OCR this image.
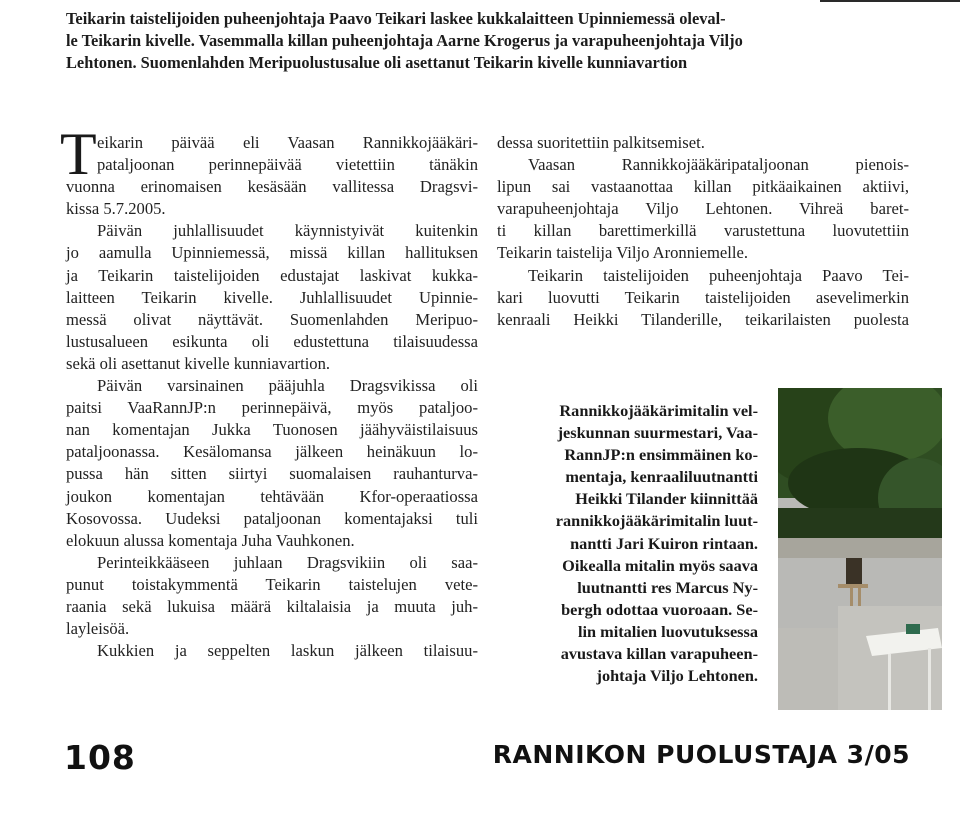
Teikarin taistelijoiden puheenjohtaja Paavo Teikari laskee kukkalaitteen Upinniemessä oleval-
le Teikarin kivelle. Vasemmalla killan puheenjohtaja Aarne Krogerus ja varapuheenjohtaja Viljo
Lehtonen. Suomenlahden Meripuolustusalue oli asettanut Teikarin kivelle kunniavartion
T eikarin päivää eli Vaasan Rannikkojääkäri-
pataljoonan perinnepäivää vietettiin tänäkin
vuonna erinomaisen kesäsään vallitessa Dragsvi-
kissa 5.7.2005.
Päivän juhlallisuudet käynnistyivät kuitenkin
jo aamulla Upinniemessä, missä killan hallituksen
ja Teikarin taistelijoiden edustajat laskivat kukka-
laitteen Teikarin kivelle. Juhlallisuudet Upinnie-
messä olivat näyttävät. Suomenlahden Meripuo-
lustusalueen esikunta oli edustettuna tilaisuudessa
sekä oli asettanut kivelle kunniavartion.
Päivän varsinainen pääjuhla Dragsvikissa oli
paitsi VaaRannJP:n perinnepäivä, myös pataljoo-
nan komentajan Jukka Tuonosen jäähyväistilaisuus
pataljoonassa. Kesälomansa jälkeen heinäkuun lo-
pussa hän sitten siirtyi suomalaisen rauhanturva-
joukon komentajan tehtävään Kfor-operaatiossa
Kosovossa. Uudeksi pataljoonan komentajaksi tuli
elokuun alussa komentaja Juha Vauhkonen.
Perinteikkääseen juhlaan Dragsvikiin oli saa-
punut toistakymmentä Teikarin taistelujen vete-
raania sekä lukuisa määrä kiltalaisia ja muuta juh-
layleisöä.
Kukkien ja seppelten laskun jälkeen tilaisuu-
dessa suoritettiin palkitsemiset.
Vaasan Rannikkojääkäripataljoonan pienois-
lipun sai vastaanottaa killan pitkäaikainen aktiivi,
varapuheenjohtaja Viljo Lehtonen. Vihreä baret-
ti killan barettimerkillä varustettuna luovutettiin
Teikarin taistelija Viljo Aronniemelle.
Teikarin taistelijoiden puheenjohtaja Paavo Tei-
kari luovutti Teikarin taistelijoiden asevelimerkin
kenraali Heikki Tilanderille, teikarilaisten puolesta
Rannikkojääkärimitalin vel-
jeskunnan suurmestari, Vaa-
RannJP:n ensimmäinen ko-
mentaja, kenraaliluutnantti
Heikki Tilander kiinnittää
rannikkojääkärimitalin luut-
nantti Jari Kuiron rintaan.
Oikealla mitalin myös saava
luutnantti res Marcus Ny-
bergh odottaa vuoroaan. Se-
lin mitalien luovutuksessa
avustava killan varapuheen-
johtaja Viljo Lehtonen.
108	RANNIKON PUOLUSTAJA 3/05
